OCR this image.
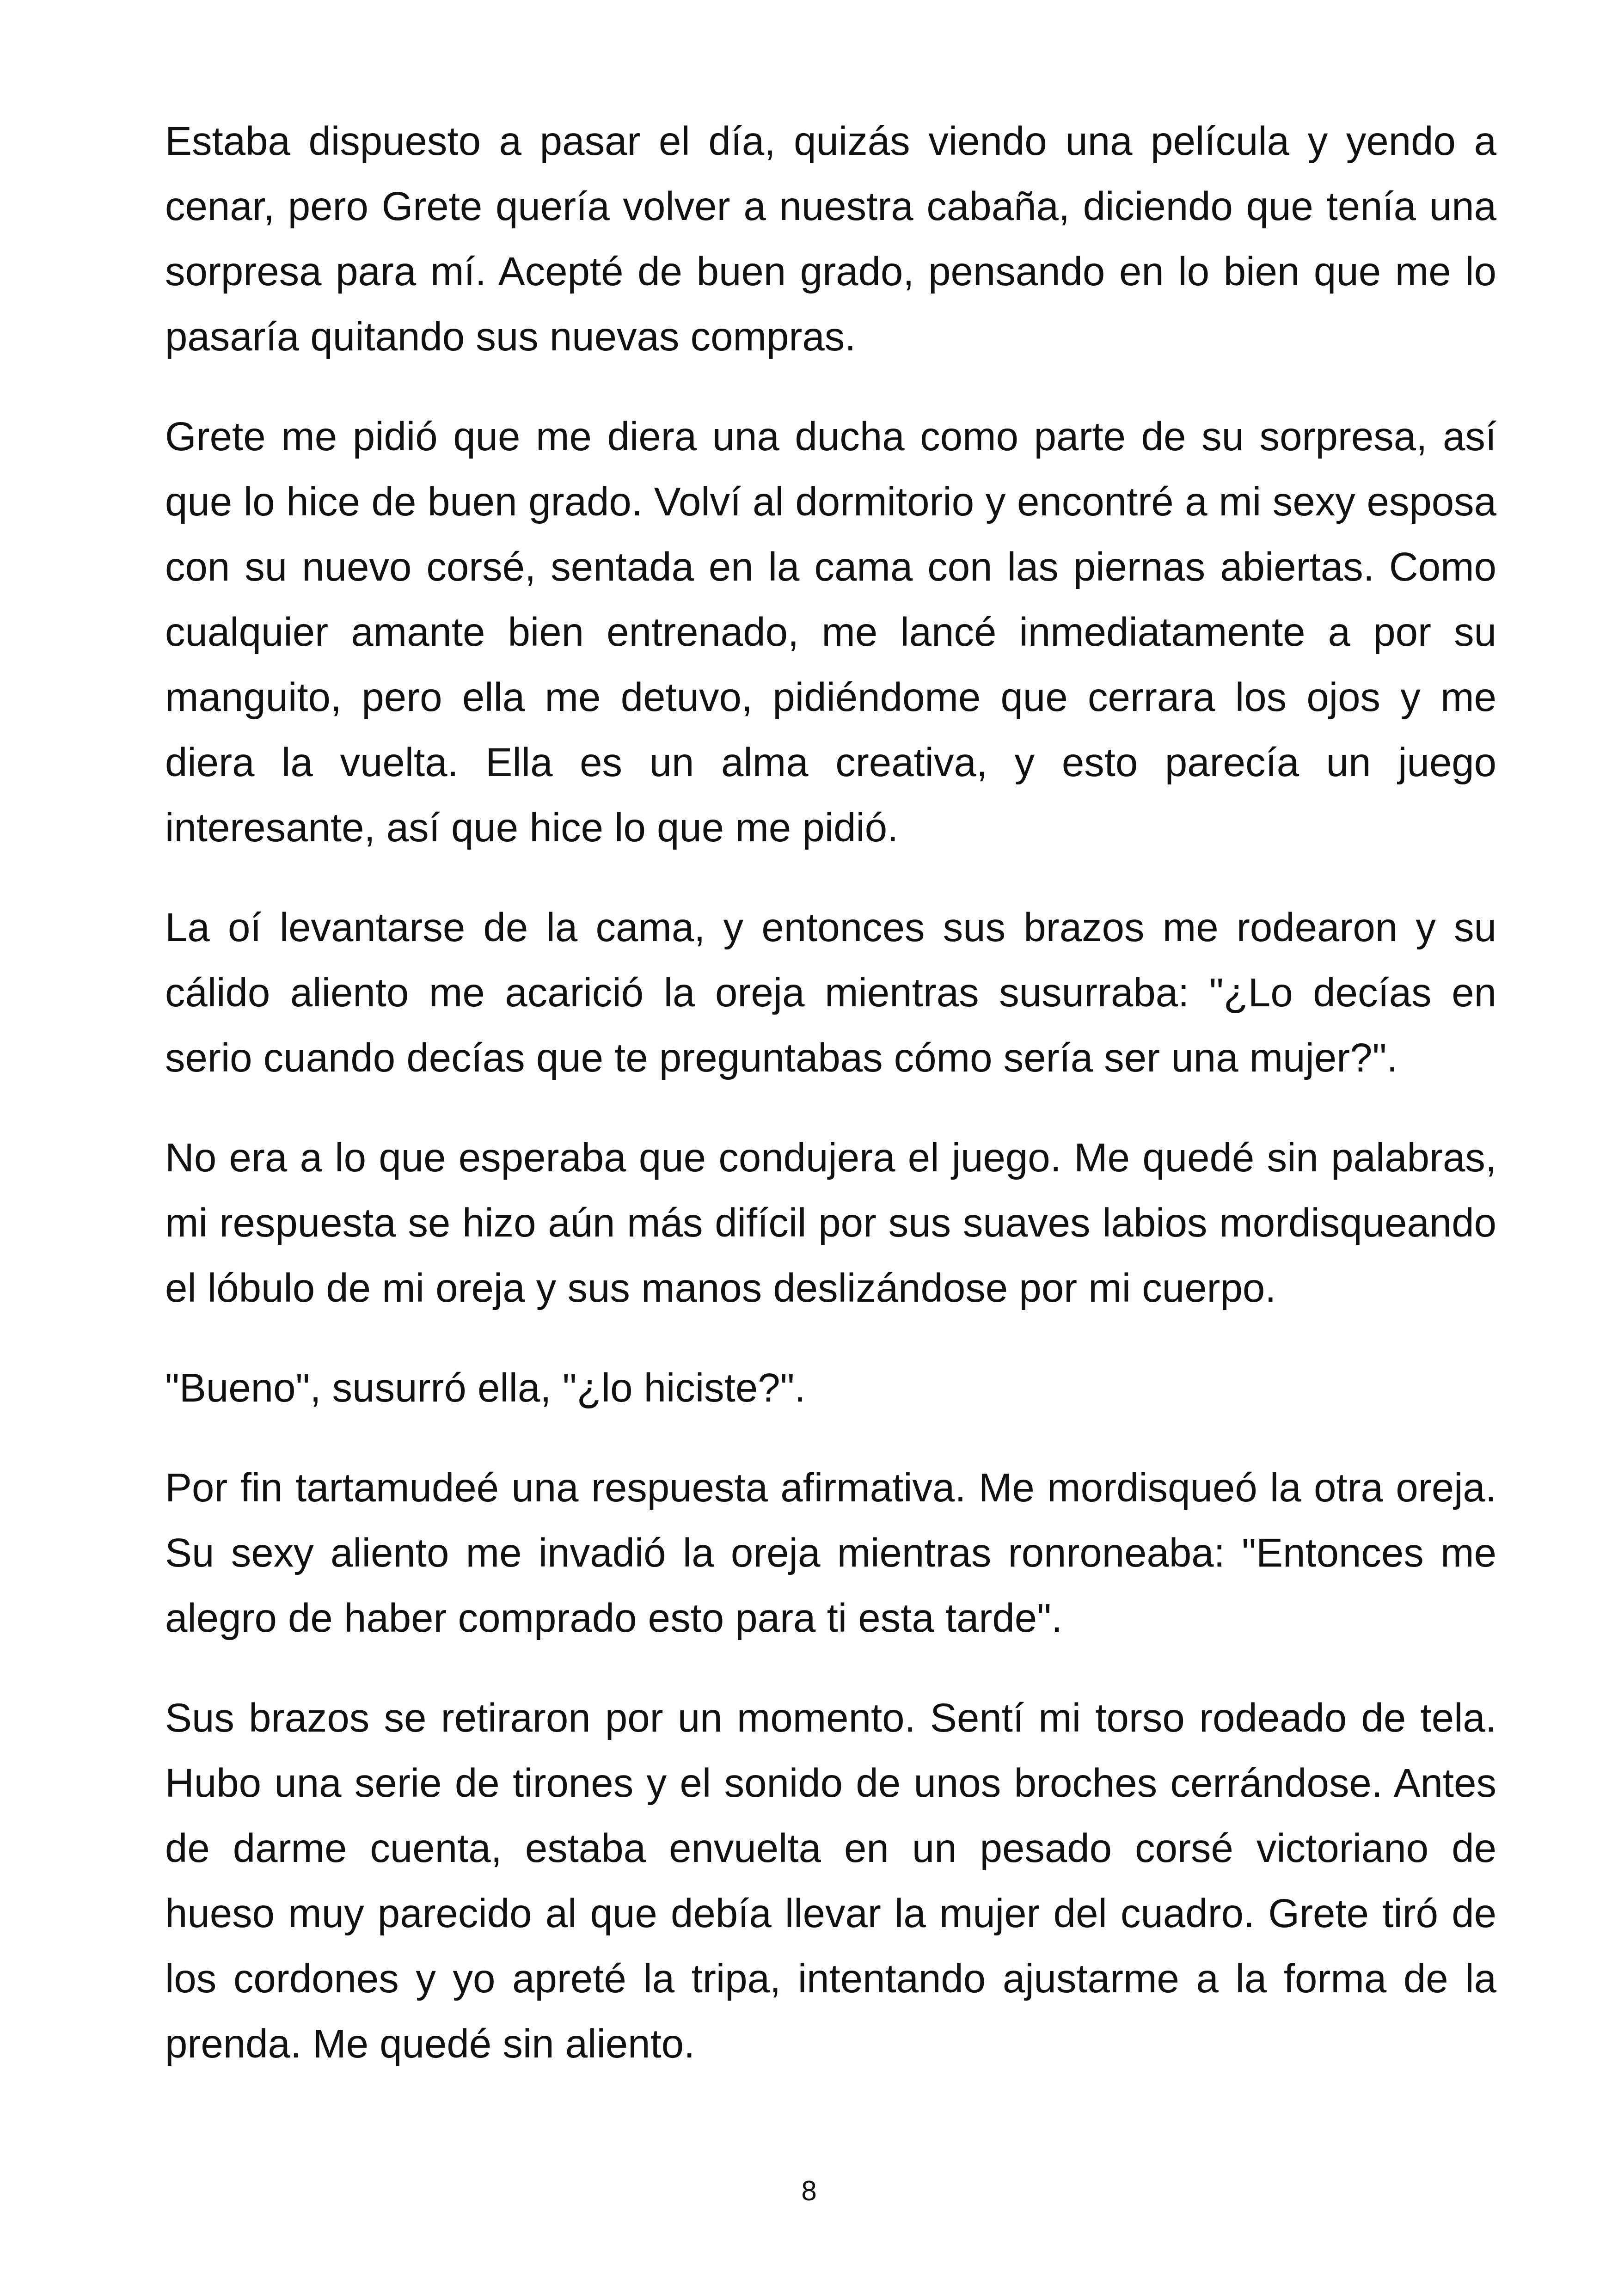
Estaba dispuesto a pasar el día, quizás viendo una película y yendo a cenar, pero Grete quería volver a nuestra cabaña, diciendo que tenía una sorpresa para mí. Acepté de buen grado, pensando en lo bien que me lo pasaría quitando sus nuevas compras.

Grete me pidió que me diera una ducha como parte de su sorpresa, así que lo hice de buen grado. Volví al dormitorio y encontré a mi sexy esposa con su nuevo corsé, sentada en la cama con las piernas abiertas. Como cualquier amante bien entrenado, me lancé inmediatamente a por su manguito, pero ella me detuvo, pidiéndome que cerrara los ojos y me diera la vuelta. Ella es un alma creativa, y esto parecía un juego interesante, así que hice lo que me pidió.

La oí levantarse de la cama, y entonces sus brazos me rodearon y su cálido aliento me acarició la oreja mientras susurraba: "¿Lo decías en serio cuando decías que te preguntabas cómo sería ser una mujer?".

No era a lo que esperaba que condujera el juego. Me quedé sin palabras, mi respuesta se hizo aún más difícil por sus suaves labios mordisqueando el lóbulo de mi oreja y sus manos deslizándose por mi cuerpo.

"Bueno", susurró ella, "¿lo hiciste?".

Por fin tartamudeé una respuesta afirmativa. Me mordisqueó la otra oreja. Su sexy aliento me invadió la oreja mientras ronroneaba: "Entonces me alegro de haber comprado esto para ti esta tarde".

Sus brazos se retiraron por un momento. Sentí mi torso rodeado de tela. Hubo una serie de tirones y el sonido de unos broches cerrándose. Antes de darme cuenta, estaba envuelta en un pesado corsé victoriano de hueso muy parecido al que debía llevar la mujer del cuadro. Grete tiró de los cordones y yo apreté la tripa, intentando ajustarme a la forma de la prenda. Me quedé sin aliento.

8
